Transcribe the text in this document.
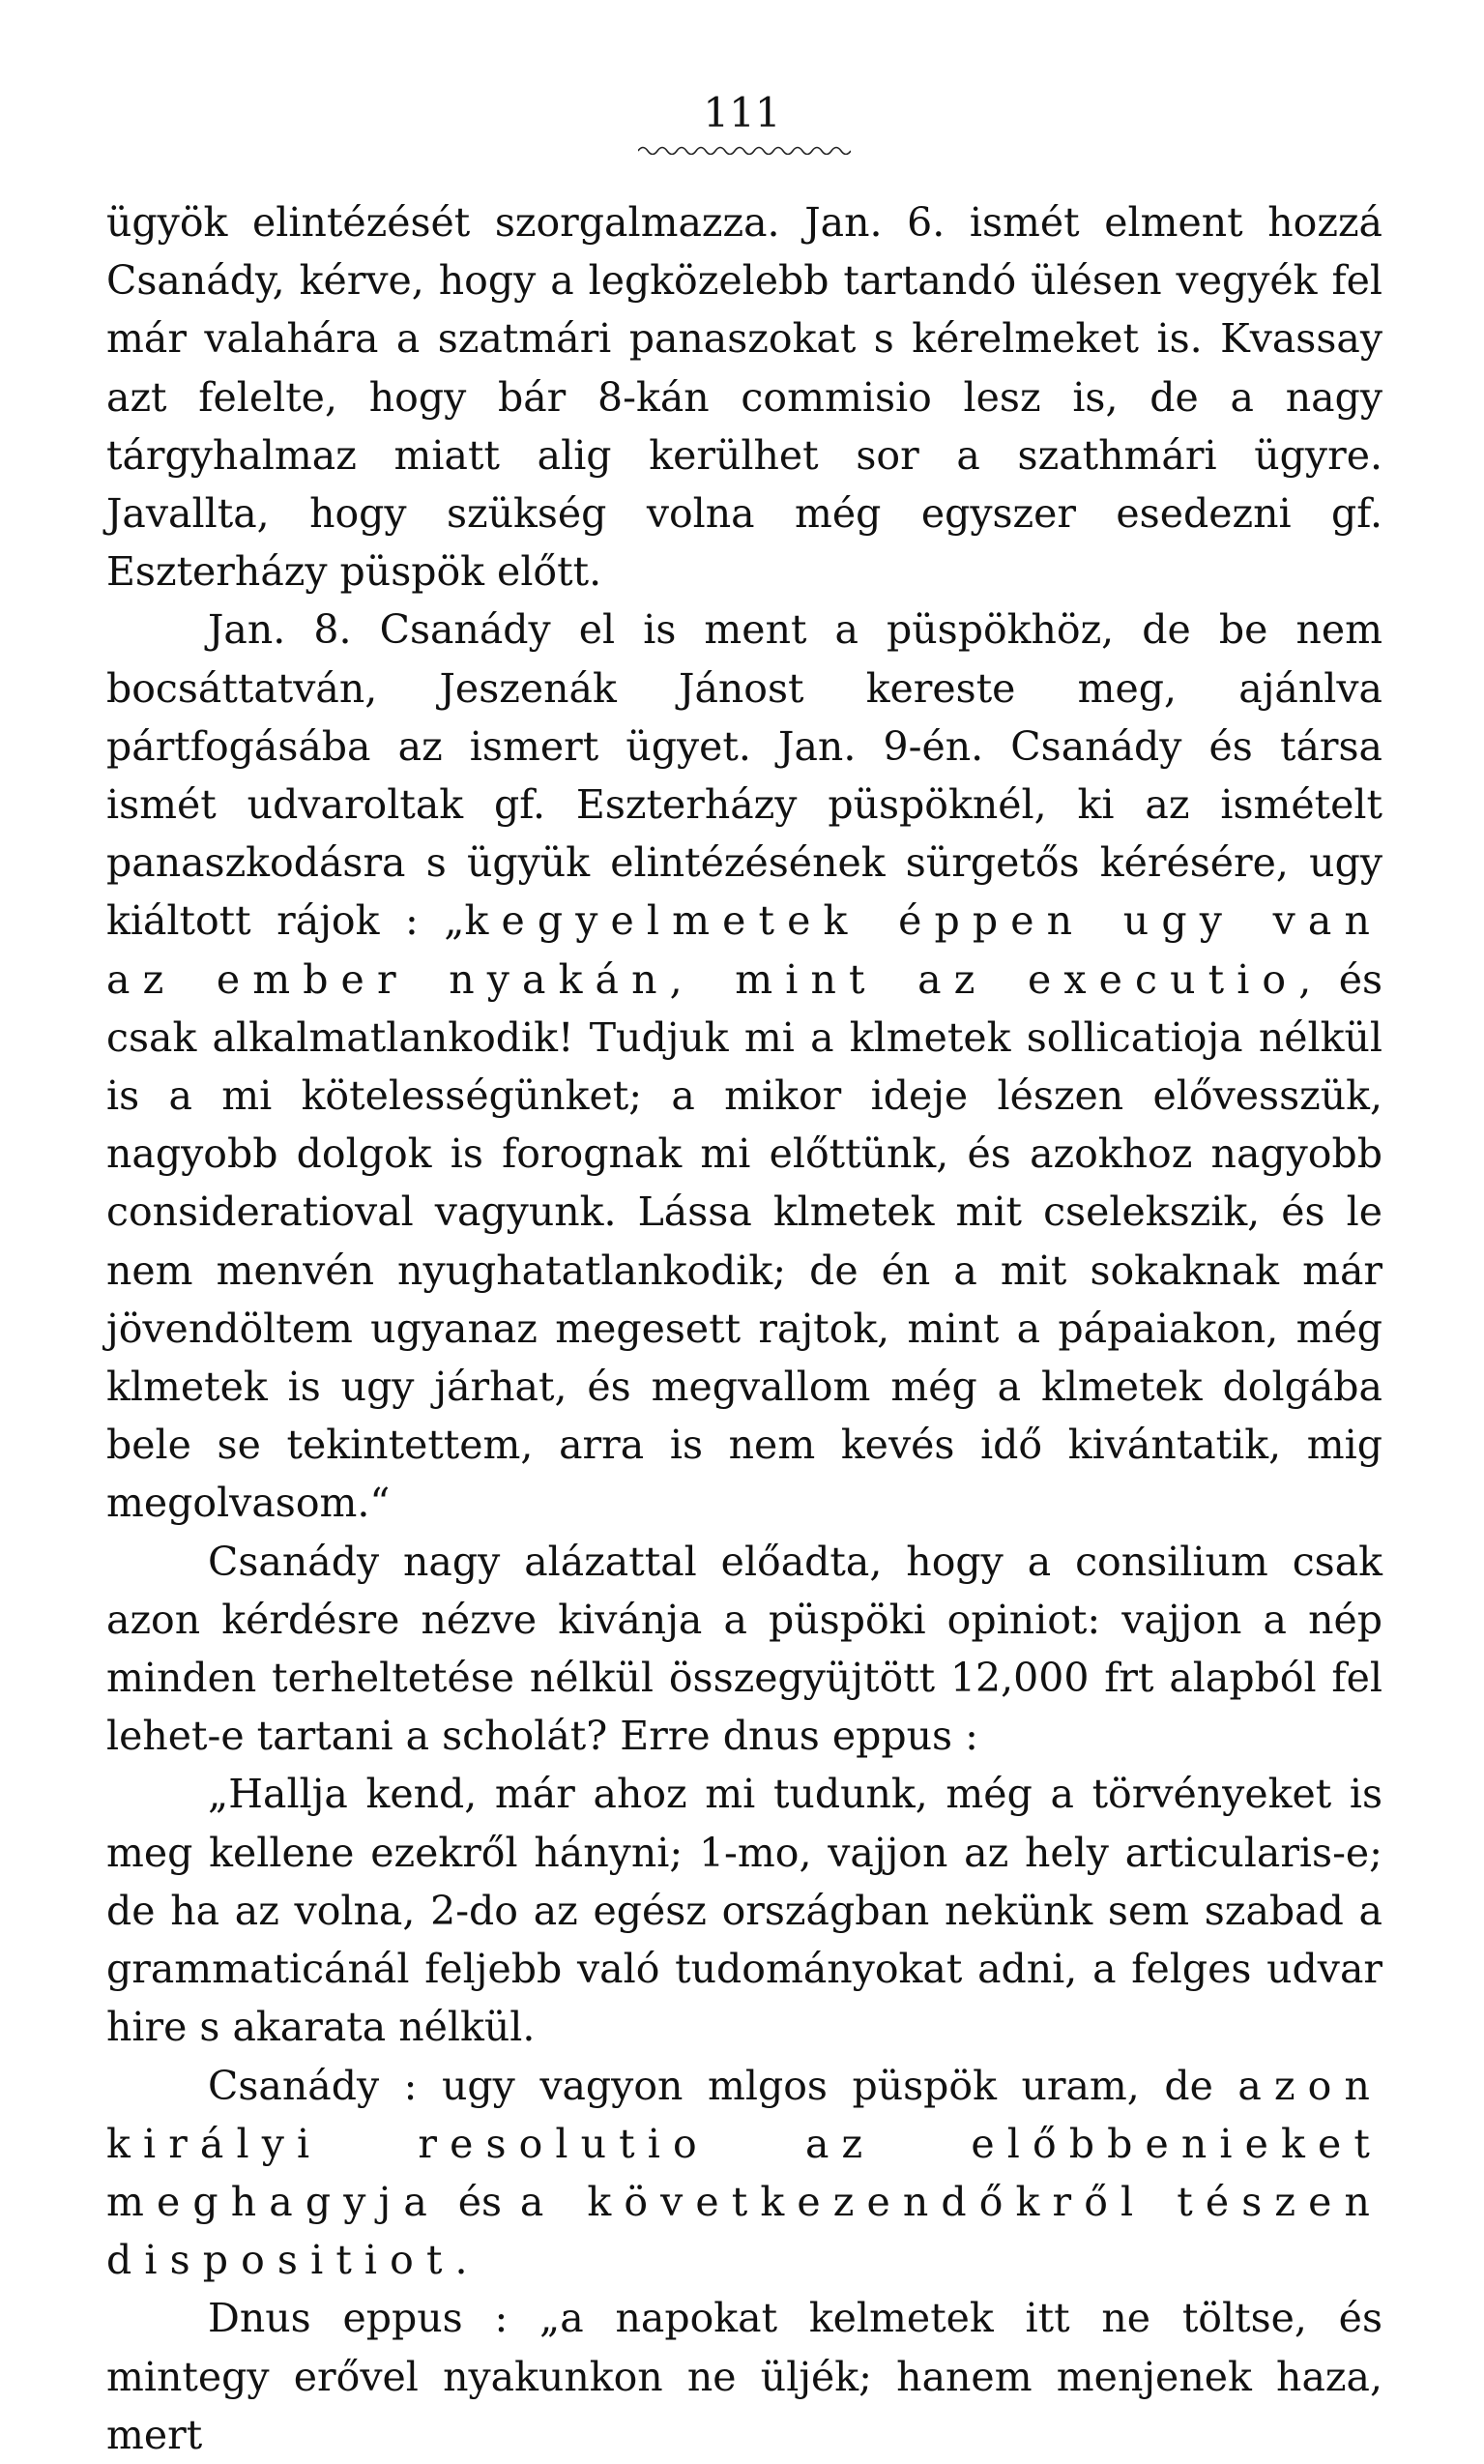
111

ügyök elintézését szorgalmazza. Jan. 6. ismét elment hozzá Csanády, kérve, hogy a legközelebb tartandó ülésen vegyék fel már valahára a szatmári panaszokat s kérelmeket is. Kvassay azt felelte, hogy bár 8-kán commisio lesz is, de a nagy tárgyhalmaz miatt alig kerülhet sor a szathmári ügyre. Javallta, hogy szükség volna még egyszer esedezni gf. Eszterházy püspök előtt.

Jan. 8. Csanády el is ment a püspökhöz, de be nem bocsáttatván, Jeszenák Jánost kereste meg, ajánlva pártfogásába az ismert ügyet. Jan. 9-én. Csanády és társa ismét udvaroltak gf. Eszterházy püspöknél, ki az ismételt panaszkodásra s ügyük elintézésének sürgetős kérésére, ugy kiáltott rájok : „kegyelmetek éppen ugy van az ember nyakán, mint az executio, és csak alkalmatlankodik! Tudjuk mi a klmetek sollicatioja nélkül is a mi kötelességünket; a mikor ideje lészen elővesszük, nagyobb dolgok is forognak mi előttünk, és azokhoz nagyobb consideratioval vagyunk. Lássa klmetek mit cselekszik, és le nem menvén nyughatatlankodik; de én a mit sokaknak már jövendöltem ugyanaz megesett rajtok, mint a pápaiakon, még klmetek is ugy járhat, és megvallom még a klmetek dolgába bele se tekintettem, arra is nem kevés idő kivántatik, mig megolvasom.“

Csanády nagy alázattal előadta, hogy a consilium csak azon kérdésre nézve kivánja a püspöki opiniot: vajjon a nép minden terheltetése nélkül összegyüjtött 12,000 frt alapból fel lehet-e tartani a scholát? Erre dnus eppus :

„Hallja kend, már ahoz mi tudunk, még a törvényeket is meg kellene ezekről hányni; 1-mo, vajjon az hely articularis-e; de ha az volna, 2-do az egész országban nekünk sem szabad a grammaticánál feljebb való tudományokat adni, a felges udvar hire s akarata nélkül.

Csanády : ugy vagyon mlgos püspök uram, de azon királyi resolutio az előbbenieket meghagyja és a következendőkről tészen dispositiot.

Dnus eppus : „a napokat kelmetek itt ne töltse, és mintegy erővel nyakunkon ne üljék; hanem menjenek haza, mert
